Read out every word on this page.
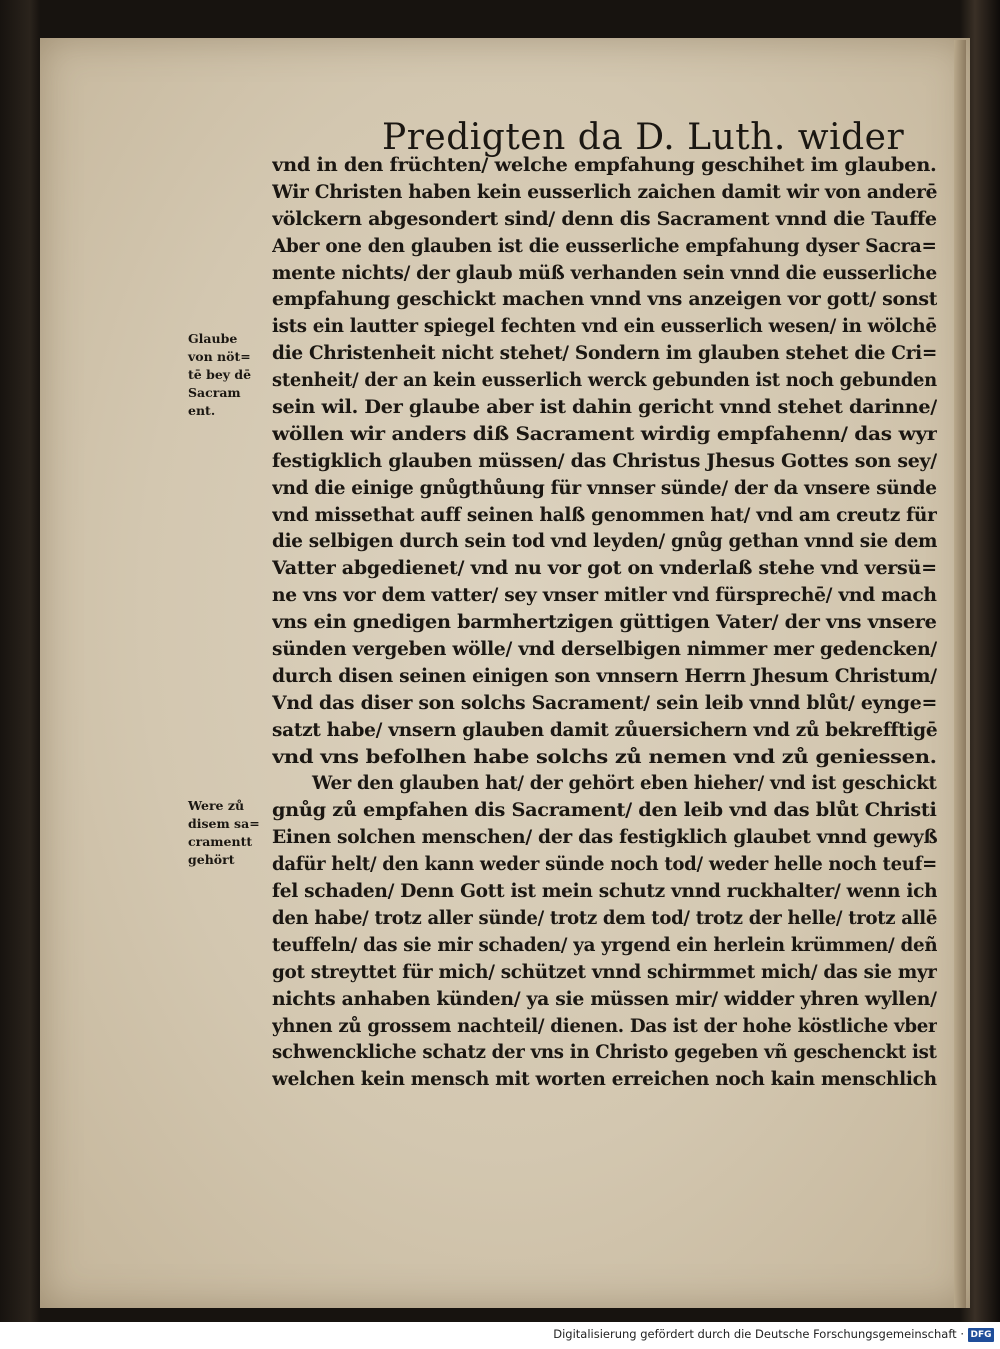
Predigten da D. Luth. wider
vnd in den früchten/ welche empfahung geschihet im glauben.
Wir Christen haben kein eusserlich zaichen damit wir von anderē
völckern abgesondert sind/ denn dis Sacrament vnnd die Tauffe
Aber one den glauben ist die eusserliche empfahung dyser Sacra=
mente nichts/ der glaub müß verhanden sein vnnd die eusserliche
empfahung geschickt machen vnnd vns anzeigen vor gott/ sonst
ists ein lautter spiegel fechten vnd ein eusserlich wesen/ in wölchē
die Christenheit nicht stehet/ Sondern im glauben stehet die Cri=
stenheit/ der an kein eusserlich werck gebunden ist noch gebunden
sein wil. Der glaube aber ist dahin gericht vnnd stehet darinne/
wöllen wir anders diß Sacrament wirdig empfahenn/ das wyr
festigklich glauben müssen/ das Christus Jhesus Gottes son sey/
vnd die einige gnůgthůung für vnnser sünde/ der da vnsere sünde
vnd missethat auff seinen halß genommen hat/ vnd am creutz für
die selbigen durch sein tod vnd leyden/ gnůg gethan vnnd sie dem
Vatter abgedienet/ vnd nu vor got on vnderlaß stehe vnd versü=
ne vns vor dem vatter/ sey vnser mitler vnd fürsprechē/ vnd mach
vns ein gnedigen barmhertzigen güttigen Vater/ der vns vnsere
sünden vergeben wölle/ vnd derselbigen nimmer mer gedencken/
durch disen seinen einigen son vnnsern Herrn Jhesum Christum/
Vnd das diser son solchs Sacrament/ sein leib vnnd blůt/ eynge=
satzt habe/ vnsern glauben damit zůuersichern vnd zů bekrefftigē
vnd vns befolhen habe solchs zů nemen vnd zů geniessen.
Wer den glauben hat/ der gehört eben hieher/ vnd ist geschickt
gnůg zů empfahen dis Sacrament/ den leib vnd das blůt Christi
Einen solchen menschen/ der das festigklich glaubet vnnd gewyß
dafür helt/ den kann weder sünde noch tod/ weder helle noch teuf=
fel schaden/ Denn Gott ist mein schutz vnnd ruckhalter/ wenn ich
den habe/ trotz aller sünde/ trotz dem tod/ trotz der helle/ trotz allē
teuffeln/ das sie mir schaden/ ya yrgend ein herlein krümmen/ deñ
got streyttet für mich/ schützet vnnd schirmmet mich/ das sie myr
nichts anhaben künden/ ya sie müssen mir/ widder yhren wyllen/
yhnen zů grossem nachteil/ dienen. Das ist der hohe köstliche vber
schwenckliche schatz der vns in Christo gegeben vñ geschenckt ist
welchen kein mensch mit worten erreichen noch kain menschlich
Glaube
von nöt=
tē bey dē
Sacram
ent.
Were zů
disem sa=
cramentt
gehört
Digitalisierung gefördert durch die Deutsche Forschungsgemeinschaft · DFG
